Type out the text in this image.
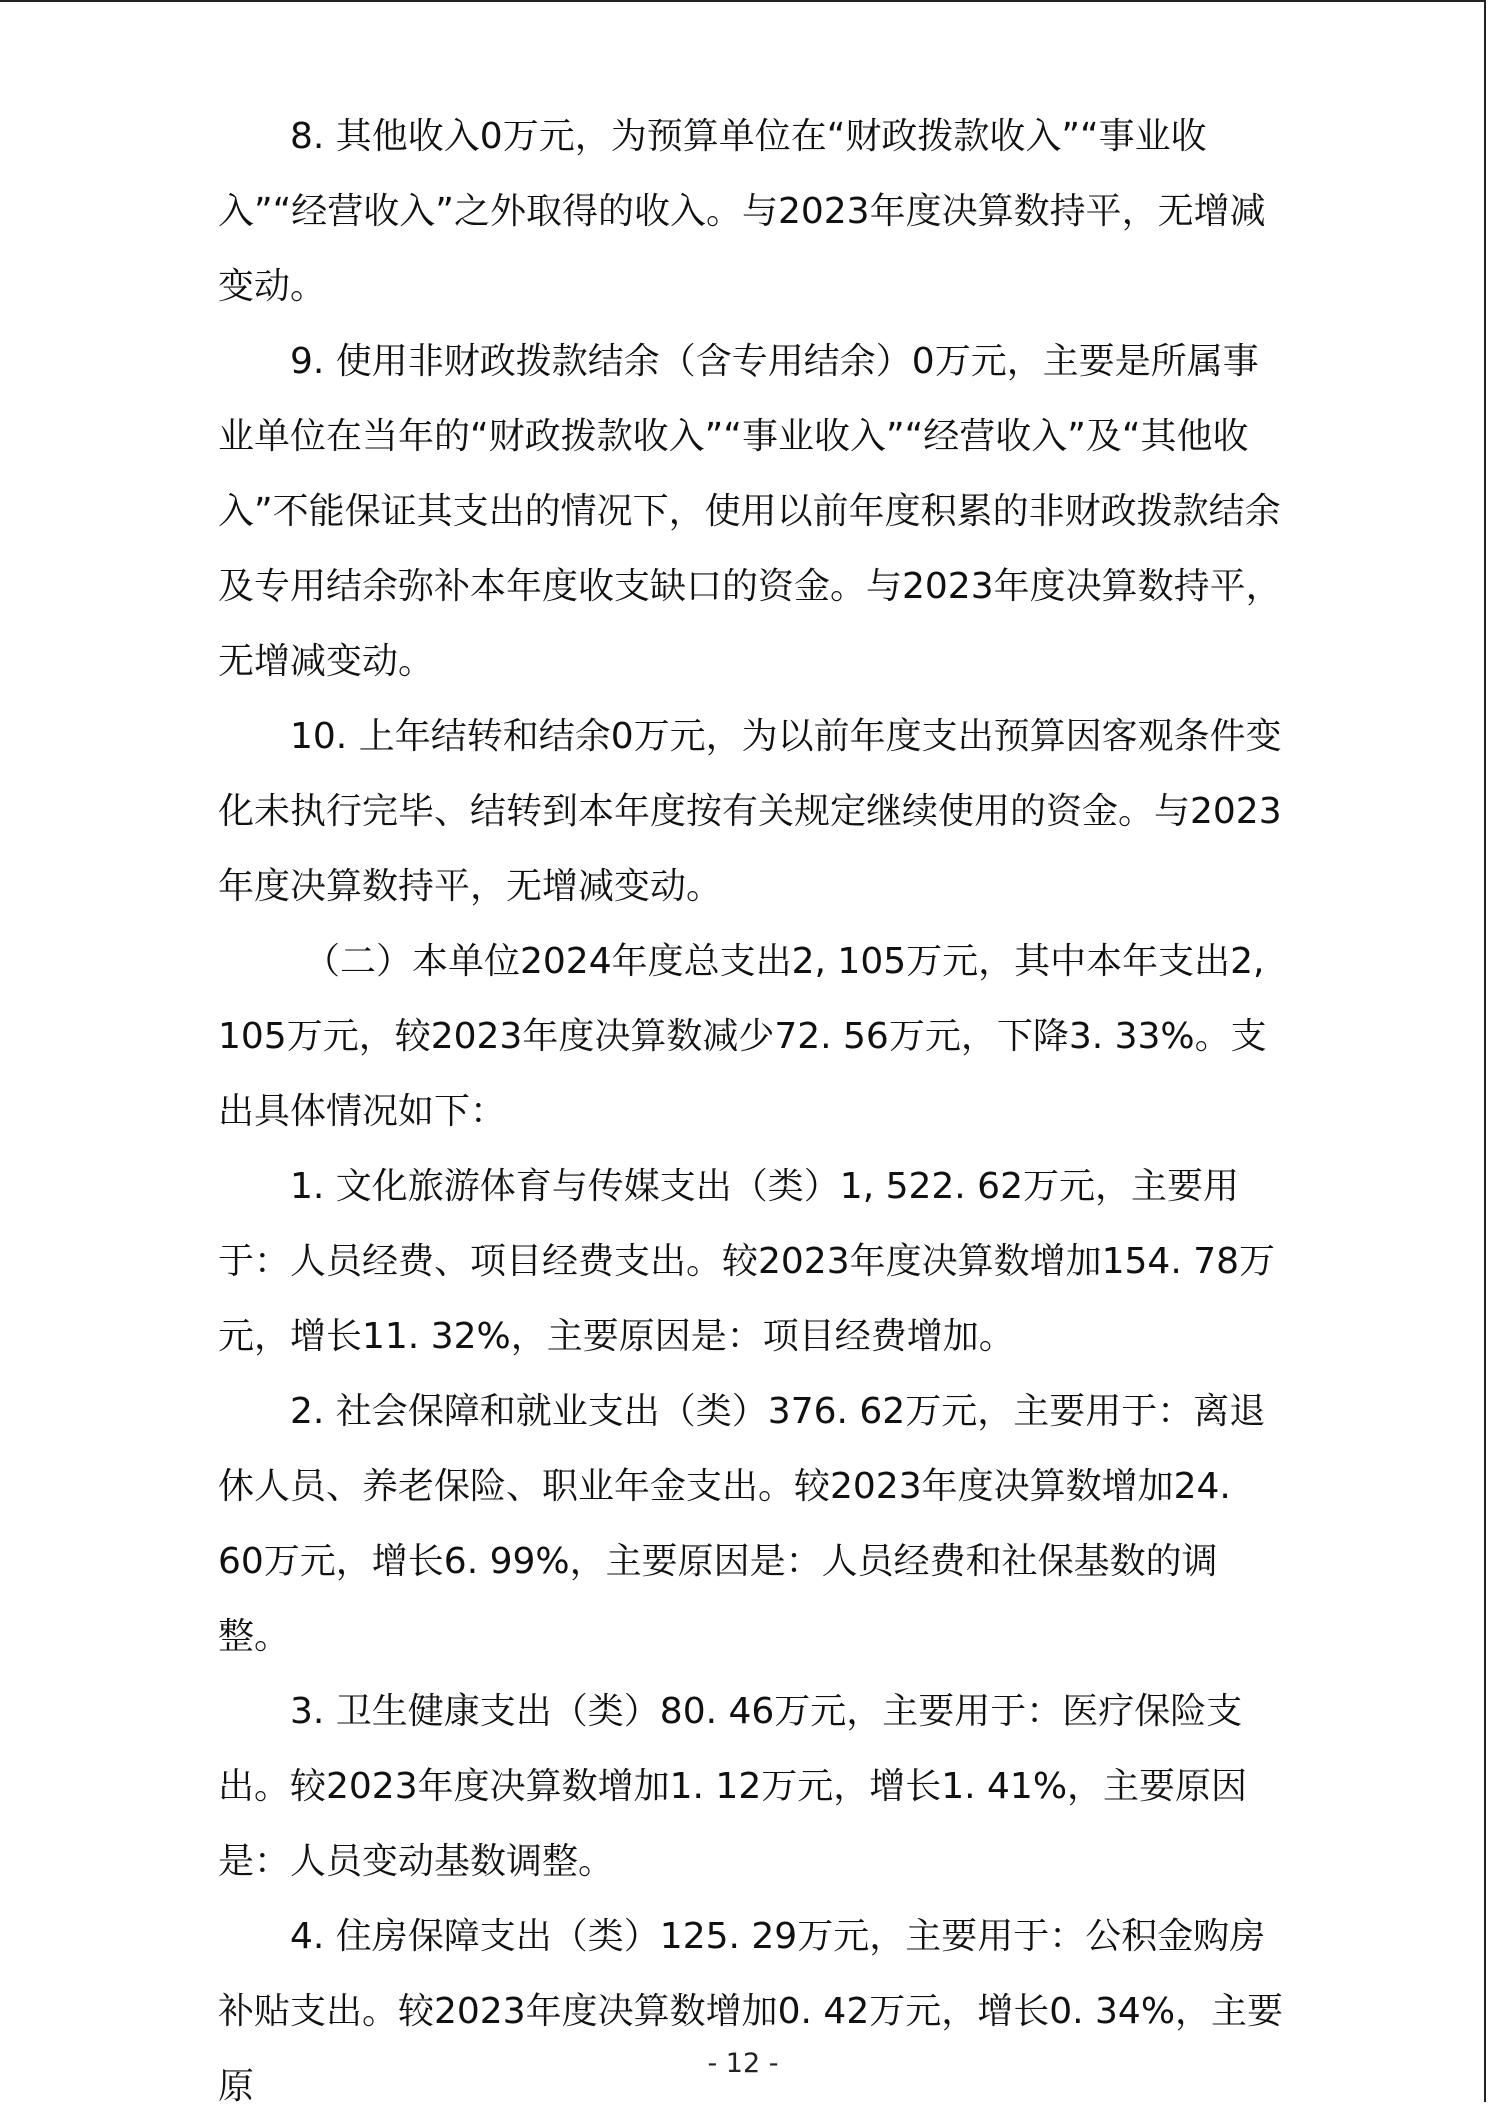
8. 其他收入0万元，为预算单位在“财政拨款收入”“事业收入”“经营收入”之外取得的收入。与2023年度决算数持平，无增减变动。

9. 使用非财政拨款结余（含专用结余）0万元，主要是所属事业单位在当年的“财政拨款收入”“事业收入”“经营收入”及“其他收入”不能保证其支出的情况下，使用以前年度积累的非财政拨款结余及专用结余弥补本年度收支缺口的资金。与2023年度决算数持平，无增减变动。

10. 上年结转和结余0万元，为以前年度支出预算因客观条件变化未执行完毕、结转到本年度按有关规定继续使用的资金。与2023年度决算数持平，无增减变动。

（二）本单位2024年度总支出2, 105万元，其中本年支出2, 105万元，较2023年度决算数减少72. 56万元，下降3. 33%。支出具体情况如下：

1. 文化旅游体育与传媒支出（类）1, 522. 62万元，主要用于：人员经费、项目经费支出。较2023年度决算数增加154. 78万元，增长11. 32%，主要原因是：项目经费增加。

2. 社会保障和就业支出（类）376. 62万元，主要用于：离退休人员、养老保险、职业年金支出。较2023年度决算数增加24. 60万元，增长6. 99%，主要原因是：人员经费和社保基数的调整。

3. 卫生健康支出（类）80. 46万元，主要用于：医疗保险支出。较2023年度决算数增加1. 12万元，增长1. 41%，主要原因是：人员变动基数调整。

4. 住房保障支出（类）125. 29万元，主要用于：公积金购房补贴支出。较2023年度决算数增加0. 42万元，增长0. 34%，主要原

- 12 -
